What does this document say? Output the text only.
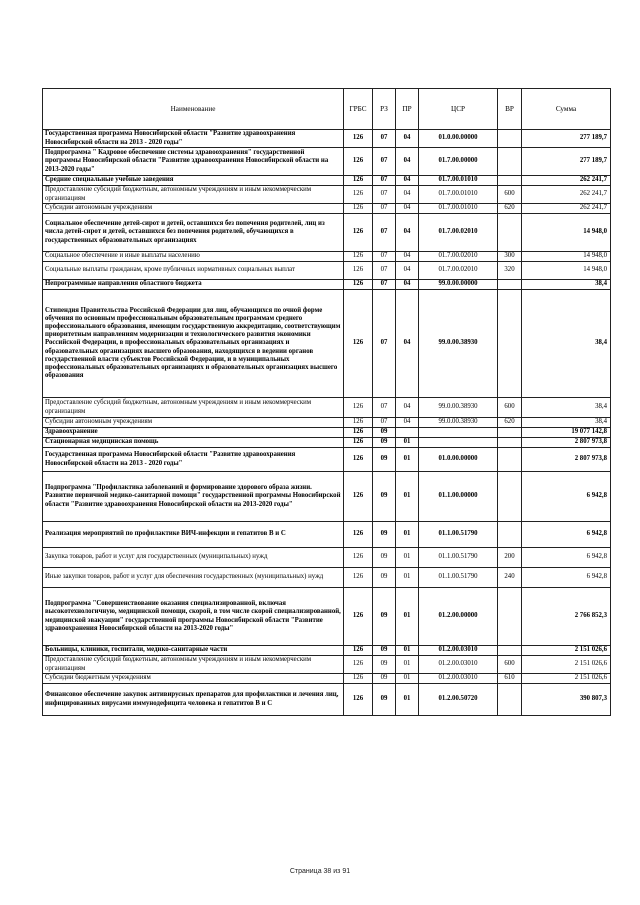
Наименование	ГРБС	РЗ	ПР	ЦСР	ВР	Сумма
Государственная программа Новосибирской области "Развитие здравоохранения Новосибирской области на 2013 - 2020 годы"	126	07	04	01.0.00.00000		277 189,7
Подпрограмма " Кадровое обеспечение системы здравоохранения" государственной программы Новосибирской области "Развитие здравоохранения Новосибирской области на 2013-2020 годы"	126	07	04	01.7.00.00000		277 189,7
Средние специальные учебные заведения	126	07	04	01.7.00.01010		262 241,7
Предоставление субсидий бюджетным, автономным учреждениям и иным некоммерческим организациям	126	07	04	01.7.00.01010	600	262 241,7
Субсидии автономным учреждениям	126	07	04	01.7.00.01010	620	262 241,7
Социальное обеспечение детей-сирот и детей, оставшихся без попечения родителей, лиц из числа детей-сирот и детей, оставшихся без попечения родителей, обучающихся в государственных образовательных организациях	126	07	04	01.7.00.02010		14 948,0
Социальное обеспечение и иные выплаты населению	126	07	04	01.7.00.02010	300	14 948,0
Социальные выплаты гражданам, кроме публичных нормативных социальных выплат	126	07	04	01.7.00.02010	320	14 948,0
Непрограммные направления областного бюджета	126	07	04	99.0.00.00000		38,4
Стипендия Правительства Российской Федерации для лиц, обучающихся по очной форме обучения по основным профессиональным образовательным программам среднего профессионального образования, имеющим государственную аккредитацию, соответствующим приоритетным направлениям модернизации и технологического развития экономики Российской Федерации, в профессиональных образовательных организациях и образовательных организациях высшего образования, находящихся в ведении органов государственной власти субъектов Российской Федерации, и в муниципальных профессиональных образовательных организациях и образовательных организациях высшего образования	126	07	04	99.0.00.38930		38,4
Предоставление субсидий бюджетным, автономным учреждениям и иным некоммерческим организациям	126	07	04	99.0.00.38930	600	38,4
Субсидии автономным учреждениям	126	07	04	99.0.00.38930	620	38,4
Здравоохранение	126	09				19 077 142,8
Стационарная медицинская помощь	126	09	01			2 807 973,8
Государственная программа Новосибирской области "Развитие здравоохранения Новосибирской области на 2013 - 2020 годы"	126	09	01	01.0.00.00000		2 807 973,8
Подпрограмма "Профилактика заболеваний и формирование здорового образа жизни. Развитие первичной медико-санитарной помощи" государственной программы Новосибирской области "Развитие здравоохранения Новосибирской области на 2013-2020 годы"	126	09	01	01.1.00.00000		6 942,8
Реализация мероприятий по профилактике ВИЧ-инфекции и гепатитов В и С	126	09	01	01.1.00.51790		6 942,8
Закупка товаров, работ и услуг для государственных (муниципальных) нужд	126	09	01	01.1.00.51790	200	6 942,8
Иные закупки товаров, работ и услуг для обеспечения государственных (муниципальных) нужд	126	09	01	01.1.00.51790	240	6 942,8
Подпрограмма "Совершенствование оказания специализированной, включая высокотехнологичную, медицинской помощи, скорой, в том числе скорой специализированной, медицинской эвакуации" государственной программы Новосибирской области "Развитие здравоохранения Новосибирской области на 2013-2020 годы"	126	09	01	01.2.00.00000		2 766 852,3
Больницы, клиники, госпитали, медико-санитарные части	126	09	01	01.2.00.03010		2 151 026,6
Предоставление субсидий бюджетным, автономным учреждениям и иным некоммерческим организациям	126	09	01	01.2.00.03010	600	2 151 026,6
Субсидии бюджетным учреждениям	126	09	01	01.2.00.03010	610	2 151 026,6
Финансовое обеспечение закупок антивирусных препаратов для профилактики и лечения лиц, инфицированных вирусами иммунодефицита человека и гепатитов В и С	126	09	01	01.2.00.50720		390 807,3
Страница 38 из 91
